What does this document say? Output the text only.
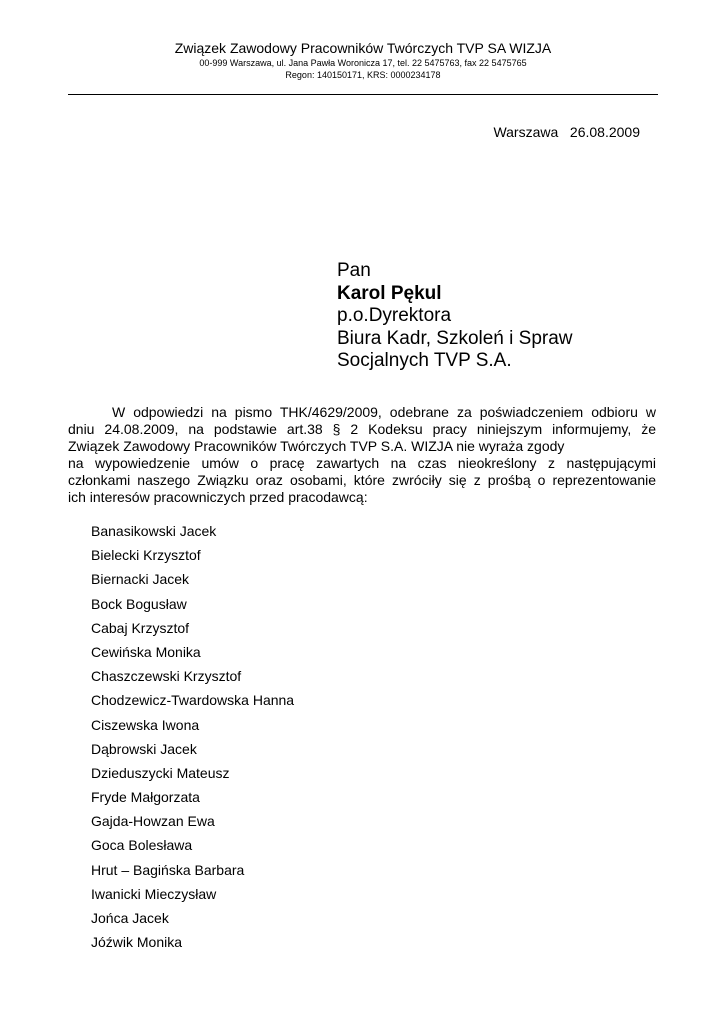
Związek Zawodowy Pracowników Twórczych TVP SA WIZJA

00-999 Warszawa, ul. Jana Pawła Woronicza 17, tel. 22 5475763, fax 22 5475765

Regon: 140150171, KRS: 0000234178

Warszawa   26.08.2009
Pan
Karol Pękul
p.o.Dyrektora
Biura Kadr, Szkoleń i Spraw
Socjalnych TVP S.A.

W odpowiedzi na pismo THK/4629/2009, odebrane za poświadczeniem odbioru w

dniu 24.08.2009, na podstawie art.38 § 2 Kodeksu pracy niniejszym informujemy, że

Związek Zawodowy Pracowników Twórczych TVP S.A. WIZJA nie wyraża zgody

na wypowiedzenie umów o pracę zawartych na czas nieokreślony z następującymi

członkami naszego Związku oraz osobami, które zwróciły się z prośbą o reprezentowanie

ich interesów pracowniczych przed pracodawcą:

Banasikowski Jacek
Bielecki Krzysztof
Biernacki Jacek
Bock Bogusław
Cabaj Krzysztof
Cewińska Monika
Chaszczewski Krzysztof
Chodzewicz-Twardowska Hanna
Ciszewska Iwona
Dąbrowski Jacek
Dzieduszycki Mateusz
Fryde Małgorzata
Gajda-Howzan Ewa
Goca Bolesława
Hrut – Bagińska Barbara
Iwanicki Mieczysław
Jońca Jacek
Jóźwik Monika
